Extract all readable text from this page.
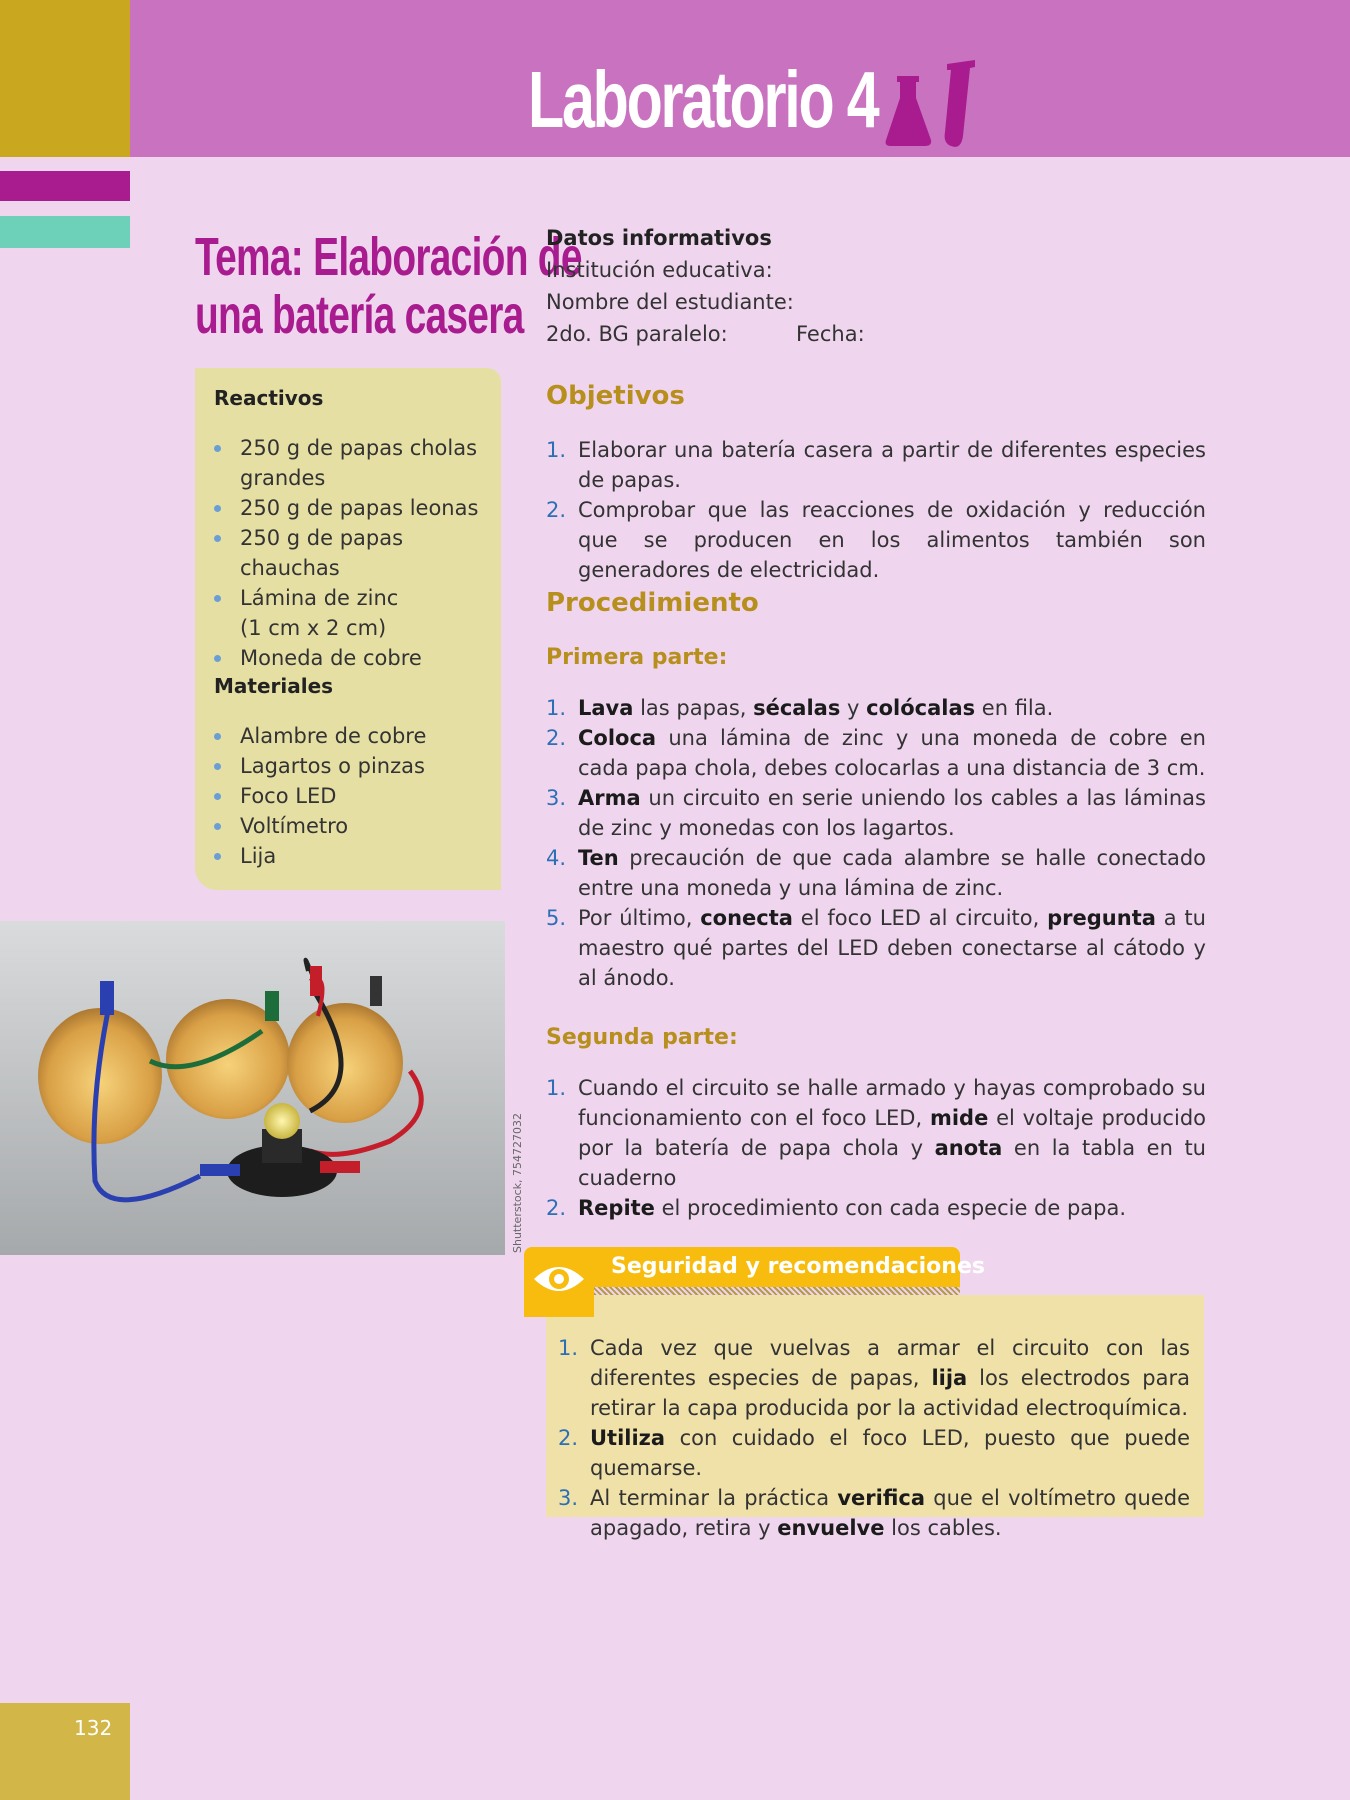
Laboratorio 4
Tema: Elaboración de
una batería casera
Reactivos
250 g de papas cholas grandes
250 g de papas leonas
250 g de papas chauchas
Lámina de zinc (1 cm x 2 cm)
Moneda de cobre
Materiales
Alambre de cobre
Lagartos o pinzas
Foco LED
Voltímetro
Lija
Shutterstock, 754727032
132

Datos informativos

Institución educativa:

Nombre del estudiante:

2do. BG paralelo:	Fecha:

Objetivos
1. Elaborar una batería casera a partir de diferentes especies de papas.
2. Comprobar que las reacciones de oxidación y reducción que se producen en los alimentos también son generadores de electricidad.
Procedimiento
Primera parte:
1. Lava las papas, sécalas y colócalas en fila.
2. Coloca una lámina de zinc y una moneda de cobre en cada papa chola, debes colocarlas a una distancia de 3 cm.
3. Arma un circuito en serie uniendo los cables a las láminas de zinc y monedas con los lagartos.
4. Ten precaución de que cada alambre se halle conectado entre una moneda y una lámina de zinc.
5. Por último, conecta el foco LED al circuito, pregunta a tu maestro qué partes del LED deben conectarse al cátodo y al ánodo.
Segunda parte:
1. Cuando el circuito se halle armado y hayas comprobado su funcionamiento con el foco LED, mide el voltaje producido por la batería de papa chola y anota en la tabla en tu cuaderno
2. Repite el procedimiento con cada especie de papa.
Seguridad y recomendaciones
1. Cada vez que vuelvas a armar el circuito con las diferentes especies de papas, lija los electrodos para retirar la capa producida por la actividad electroquímica.
2. Utiliza con cuidado el foco LED, puesto que puede quemarse.
3. Al terminar la práctica verifica que el voltímetro quede apagado, retira y envuelve los cables.
